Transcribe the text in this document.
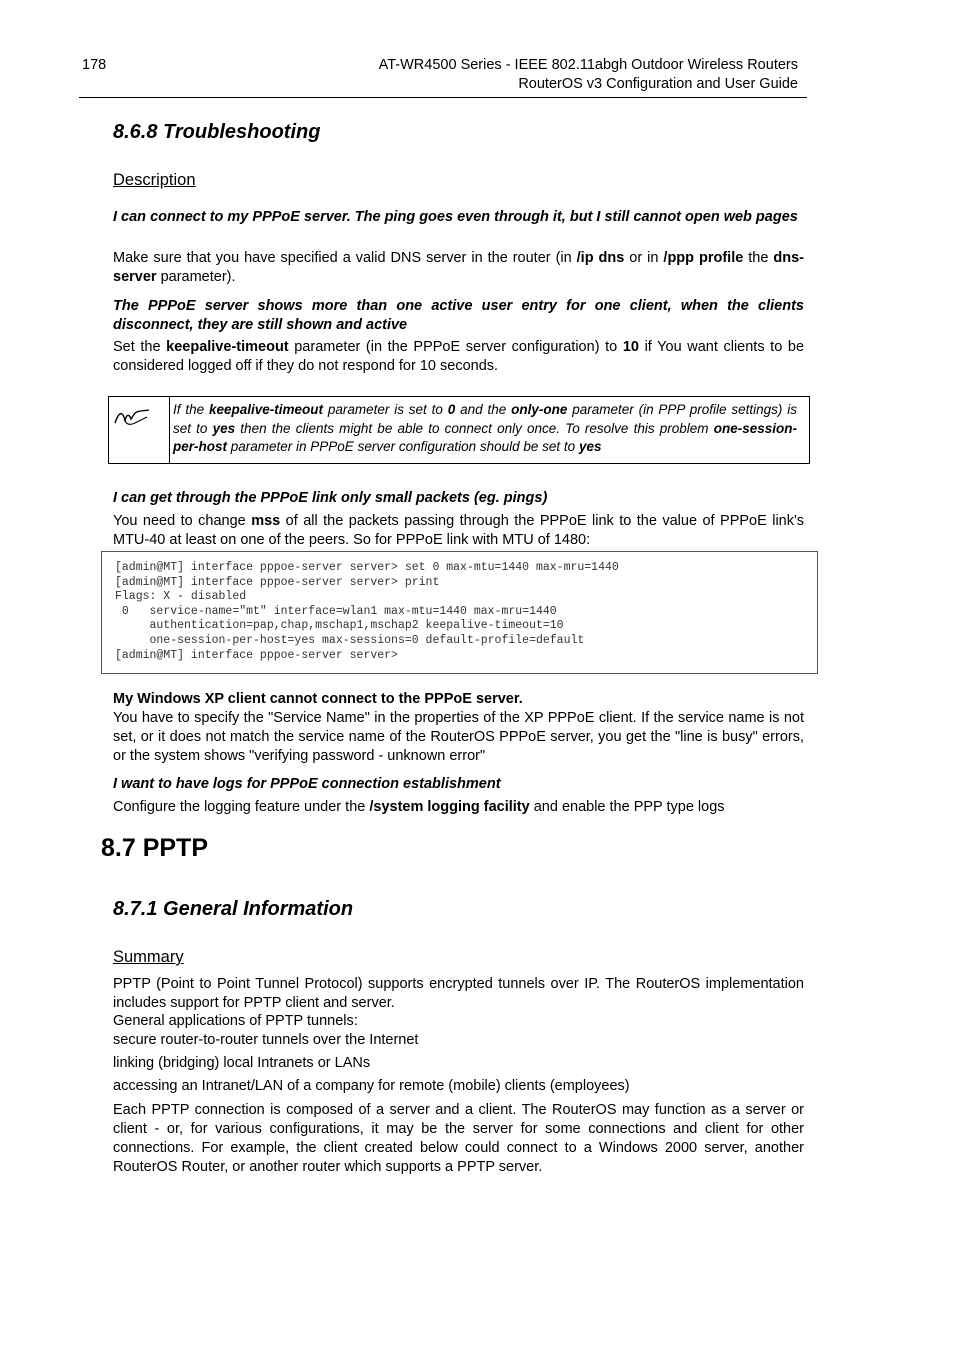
178	AT-WR4500 Series - IEEE 802.11abgh Outdoor Wireless Routers
RouterOS v3 Configuration and User Guide
8.6.8 Troubleshooting
Description
I can connect to my PPPoE server. The ping goes even through it, but I still cannot open web pages
Make sure that you have specified a valid DNS server in the router (in /ip dns or in /ppp profile the dns-server parameter).
The PPPoE server shows more than one active user entry for one client, when the clients disconnect, they are still shown and active
Set the keepalive-timeout parameter (in the PPPoE server configuration) to 10 if You want clients to be considered logged off if they do not respond for 10 seconds.
If the keepalive-timeout parameter is set to 0 and the only-one parameter (in PPP profile settings) is set to yes then the clients might be able to connect only once. To resolve this problem one-session-per-host parameter in PPPoE server configuration should be set to yes
I can get through the PPPoE link only small packets (eg. pings)
You need to change mss of all the packets passing through the PPPoE link to the value of PPPoE link's MTU-40 at least on one of the peers. So for PPPoE link with MTU of 1480:
[admin@MT] interface pppoe-server server> set 0 max-mtu=1440 max-mru=1440
[admin@MT] interface pppoe-server server> print
Flags: X - disabled
0   service-name="mt" interface=wlan1 max-mtu=1440 max-mru=1440
authentication=pap,chap,mschap1,mschap2 keepalive-timeout=10
one-session-per-host=yes max-sessions=0 default-profile=default
[admin@MT] interface pppoe-server server>
My Windows XP client cannot connect to the PPPoE server.
You have to specify the "Service Name" in the properties of the XP PPPoE client. If the service name is not set, or it does not match the service name of the RouterOS PPPoE server, you get the "line is busy" errors, or the system shows "verifying password - unknown error"
I want to have logs for PPPoE connection establishment
Configure the logging feature under the /system logging facility and enable the PPP type logs
8.7 PPTP
8.7.1 General Information
Summary
PPTP (Point to Point Tunnel Protocol) supports encrypted tunnels over IP. The RouterOS implementation includes support for PPTP client and server.
General applications of PPTP tunnels:
secure router-to-router tunnels over the Internet
linking (bridging) local Intranets or LANs
accessing an Intranet/LAN of a company for remote (mobile) clients (employees)
Each PPTP connection is composed of a server and a client. The RouterOS may function as a server or client - or, for various configurations, it may be the server for some connections and client for other connections. For example, the client created below could connect to a Windows 2000 server, another RouterOS Router, or another router which supports a PPTP server.
